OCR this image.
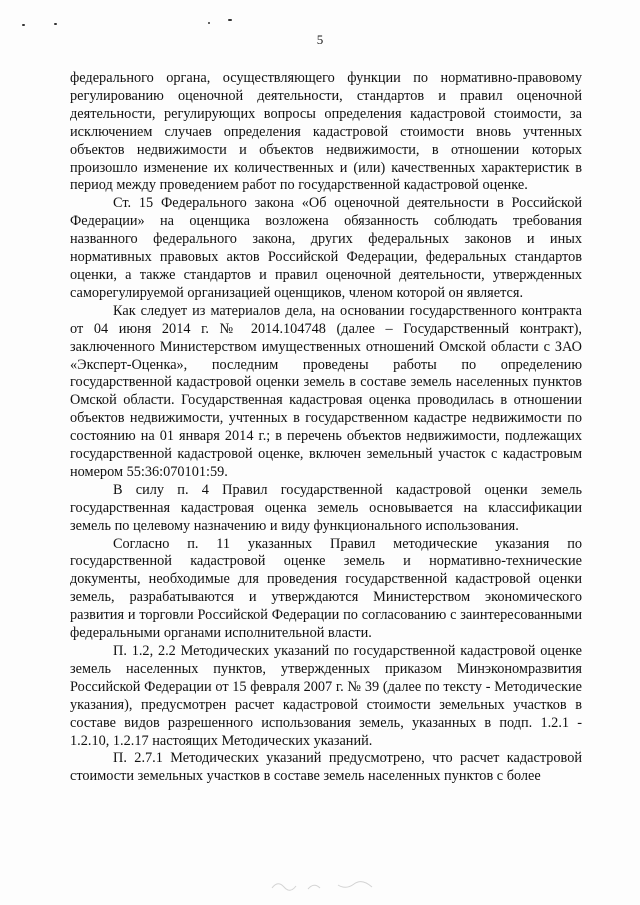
5

федерального органа, осуществляющего функции по нормативно-правовому регулированию оценочной деятельности, стандартов и правил оценочной деятельности, регулирующих вопросы определения кадастровой стоимости, за исключением случаев определения кадастровой стоимости вновь учтенных объектов недвижимости и объектов недвижимости, в отношении которых произошло изменение их количественных и (или) качественных характеристик в период между проведением работ по государственной кадастровой оценке.

Ст. 15 Федерального закона «Об оценочной деятельности в Российской Федерации» на оценщика возложена обязанность соблюдать требования названного федерального закона, других федеральных законов и иных нормативных правовых актов Российской Федерации, федеральных стандартов оценки, а также стандартов и правил оценочной деятельности, утвержденных саморегулируемой организацией оценщиков, членом которой он является.

Как следует из материалов дела, на основании государственного контракта от 04 июня 2014 г. № 2014.104748 (далее – Государственный контракт), заключенного Министерством имущественных отношений Омской области с ЗАО «Эксперт-Оценка», последним проведены работы по определению государственной кадастровой оценки земель в составе земель населенных пунктов Омской области. Государственная кадастровая оценка проводилась в отношении объектов недвижимости, учтенных в государственном кадастре недвижимости по состоянию на 01 января 2014 г.; в перечень объектов недвижимости, подлежащих государственной кадастровой оценке, включен земельный участок с кадастровым номером 55:36:070101:59.

В силу п. 4 Правил государственной кадастровой оценки земель государственная кадастровая оценка земель основывается на классификации земель по целевому назначению и виду функционального использования.

Согласно п. 11 указанных Правил методические указания по государственной кадастровой оценке земель и нормативно-технические документы, необходимые для проведения государственной кадастровой оценки земель, разрабатываются и утверждаются Министерством экономического развития и торговли Российской Федерации по согласованию с заинтересованными федеральными органами исполнительной власти.

П. 1.2, 2.2 Методических указаний по государственной кадастровой оценке земель населенных пунктов, утвержденных приказом Минэкономразвития Российской Федерации от 15 февраля 2007 г. № 39 (далее по тексту - Методические указания), предусмотрен расчет кадастровой стоимости земельных участков в составе видов разрешенного использования земель, указанных в подп. 1.2.1 - 1.2.10, 1.2.17 настоящих Методических указаний.

П. 2.7.1 Методических указаний предусмотрено, что расчет кадастровой стоимости земельных участков в составе земель населенных пунктов с более
